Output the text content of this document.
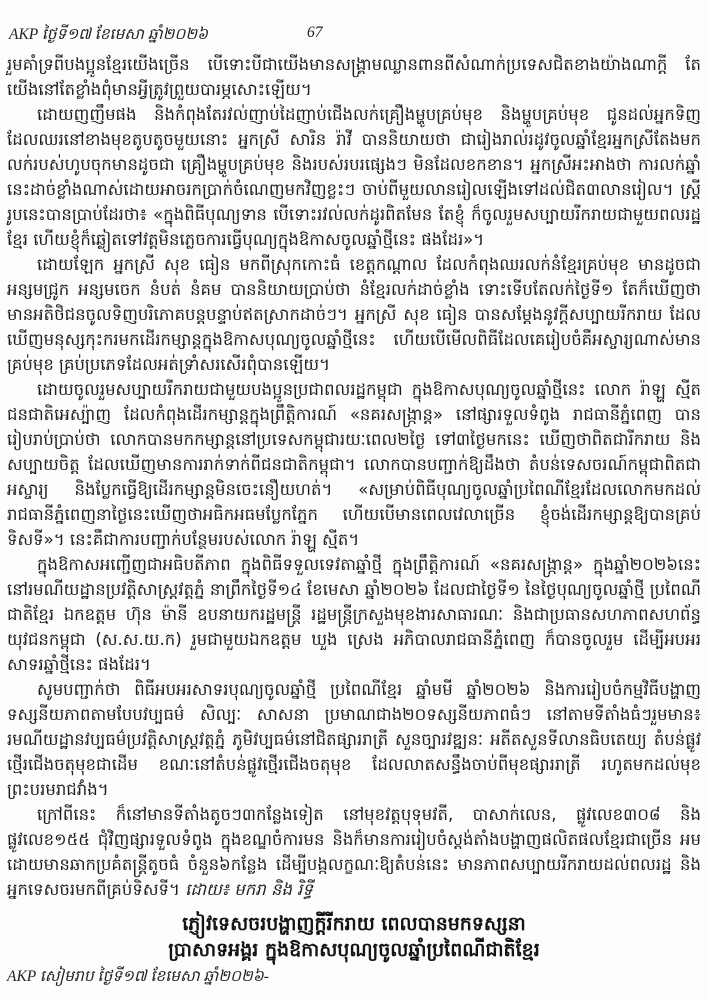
AKP ថ្ងៃទី១៧ ខែមេសា ឆ្នាំ២០២៦	67

រួមគាំទ្រពីបងប្អូនខ្មែរយើងច្រើន បើទោះបីជាយើងមានសង្គ្រាមឈ្លានពានពីសំណាក់ប្រទេសជិតខាងយ៉ាងណាក្ដី តែយើងនៅតែខ្លាំងពុំមានអ្វីត្រូវព្រួយបារម្ភសោះឡើយ។

ដោយញញឹមផង និងកំពុងតែរវល់ញាប់ដៃញាប់ជើងលក់គ្រឿងម្ហូបគ្រប់មុខ និងម្ហូបគ្រប់មុខ ជូនដល់អ្នកទិញដែលឈរនៅខាងមុខតូបតូចមួយនោះ អ្នកស្រី សារិន រ៉ាវី បាននិយាយថា ជារៀងរាល់រដូវចូលឆ្នាំខ្មែរអ្នកស្រីតែងមកលក់របស់ហូបចុកមានដូចជា គ្រឿងម្ហូបគ្រប់មុខ និងរបស់របរផ្សេងៗ មិនដែលខកខាន។ អ្នកស្រីអះអាងថា ការលក់ឆ្នាំនេះដាច់ខ្លាំងណាស់ដោយអាចរកប្រាក់ចំណេញមកវិញខ្លះៗ ចាប់ពីមួយលានរៀលឡើងទៅដល់ជិត៣លានរៀល។ ស្ត្រីរូបនេះបានប្រាប់ដែរថា៖ «ក្នុងពិធីបុណ្យទាន បើទោះរវល់លក់ដូរពិតមែន តែខ្ញុំ ក៏ចូលរួមសប្បាយរីករាយជាមួយពលរដ្ឋខ្មែរ ហើយខ្ញុំក៏ឆ្លៀតទៅវត្តមិនភ្លេចការធ្វើបុណ្យក្នុងឱកាសចូលឆ្នាំថ្មីនេះ ផងដែរ»។

ដោយឡែក អ្នកស្រី សុខ ធៀន មកពីស្រុកកោះធំ ខេត្តកណ្ដាល ដែលកំពុងឈរលក់នំខ្មែរគ្រប់មុខ មានដូចជាអន្សមជ្រូក អន្សមចេក នំបត់ នំគម បាននិយាយប្រាប់ថា នំខ្មែរលក់ដាច់ខ្លាំង ទោះទើបតែលក់ថ្ងៃទី១ តែក៏ឃើញថាមានអតិថិជនចូលទិញបរិភោគបន្តបន្ទាប់ឥតស្រាកដាច់ៗ។ អ្នកស្រី សុខ ធៀន បានសម្ដែងនូវក្ដីសប្បាយរីករាយ ដែលឃើញមនុស្សកុះករមកដើរកម្សាន្តក្នុងឱកាសបុណ្យចូលឆ្នាំថ្មីនេះ ហើយបើមើលពិធីដែលគេរៀបចំគឺអស្ចារ្យណាស់មានគ្រប់មុខ គ្រប់ប្រភេទដែលអត់ទ្រាំសរសើរពុំបានឡើយ។

ដោយចូលរួមសប្បាយរីករាយជាមួយបងប្អូនប្រជាពលរដ្ឋកម្ពុជា ក្នុងឱកាសបុណ្យចូលឆ្នាំថ្មីនេះ លោក រ៉ាឡ្ហ ស្មីត ជនជាតិអេស្ប៉ាញ ដែលកំពុងដើរកម្សាន្តក្នុងព្រឹត្តិការណ៍ «នគរសង្ក្រាន្ត» នៅផ្សារទួលទំពូង រាជធានីភ្នំពេញ បានរៀបរាប់ប្រាប់ថា លោកបានមកកម្សាន្តនៅប្រទេសកម្ពុជារយៈពេល២ថ្ងៃ ទៅ៣ថ្ងៃមកនេះ ឃើញថាពិតជារីករាយ និងសប្បាយចិត្ត ដែលឃើញមានការរាក់ទាក់ពីជនជាតិកម្ពុជា។ លោកបានបញ្ជាក់ឱ្យដឹងថា តំបន់ទេសចរណ៍កម្ពុជាពិតជាអស្ចារ្យ និងប្លែកធ្វើឱ្យដើរកម្សាន្តមិនចេះនឿយហត់។ «សម្រាប់ពិធីបុណ្យចូលឆ្នាំប្រពៃណីខ្មែរដែលលោកមកដល់រាជធានីភ្នំពេញនាថ្ងៃនេះឃើញថាអធិកអធមប្លែកភ្នែក ហើយបើមានពេលវេលាច្រើន ខ្ញុំចង់ដើរកម្សាន្តឱ្យបានគ្រប់ទិសទី»។ នេះគឺជាការបញ្ជាក់បន្ថែមរបស់លោក រ៉ាឡ្ហ ស្មីត។

ក្នុងឱកាសអញ្ជើញជាអធិបតីភាព ក្នុងពិធីទទួលទេវតាឆ្នាំថ្មី ក្នុងព្រឹត្តិការណ៍ «នគរសង្ក្រាន្ត» ក្នុងឆ្នាំ២០២៦នេះ នៅរមណីយដ្ឋានប្រវត្តិសាស្ត្រវត្តភ្នំ នាព្រឹកថ្ងៃទី១៤ ខែមេសា ឆ្នាំ២០២៦ ដែលជាថ្ងៃទី១ នៃថ្ងៃបុណ្យចូលឆ្នាំថ្មី ប្រពៃណីជាតិខ្មែរ ឯកឧត្តម ហ៊ុន ម៉ានី ឧបនាយករដ្ឋមន្ត្រី រដ្ឋមន្ត្រីក្រសួងមុខងារសាធារណៈ និងជាប្រធានសហភាពសហព័ន្ធយុវជនកម្ពុជា (ស.ស.យ.ក) រួមជាមួយឯកឧត្តម ឃួង ស្រេង អភិបាលរាជធានីភ្នំពេញ ក៏បានចូលរួម ដើម្បីអបអរសាទរឆ្នាំថ្មីនេះ ផងដែរ។

សូមបញ្ជាក់ថា ពិធីអបអរសាទរបុណ្យចូលឆ្នាំថ្មី ប្រពៃណីខ្មែរ ឆ្នាំមមី ឆ្នាំ២០២៦ និងការរៀបចំកម្មវិធីបង្ហាញទស្សនីយភាពតាមបែបវប្បធម៌ សិល្បៈ សាសនា ប្រមាណជាង២០ទស្សនីយភាពធំៗ នៅតាមទីតាំងធំៗរួមមាន៖ រមណីយដ្ឋានវប្បធម៌ប្រវត្តិសាស្ត្រវត្តភ្នំ ភូមិវប្បធម៌នៅជិតផ្សាររាត្រី សួនច្បារវឌ្ឍនៈ អតីតសួនទីលានធិបតេយ្យ តំបន់ផ្លូវថ្មើរជើងចតុមុខជាដើម ខណៈនៅតំបន់ផ្លូវថ្មើរជើងចតុមុខ ដែលលាតសន្ធឹងចាប់ពីមុខផ្សាររាត្រី រហូតមកដល់មុខព្រះបរមរាជវាំង។

ក្រៅពីនេះ ក៏នៅមានទីតាំងតូចៗ៣កន្លែងទៀត នៅមុខវត្តបុទុមវតី, បាសាក់លេន, ផ្លូវលេខ៣០៨ និងផ្លូវលេខ១៥៥ ជុំវិញផ្សារទួលទំពូង ក្នុងខណ្ឌចំការមន និងក៏មានការរៀបចំស្ដង់តាំងបង្ហាញផលិតផលខ្មែរជាច្រើន អមដោយមានឆាកប្រគំតន្ត្រីតូចធំ ចំនួន៦កន្លែង ដើម្បីបង្កលក្ខណៈឱ្យតំបន់នេះ មានភាពសប្បាយរីករាយដល់ពលរដ្ឋ និងអ្នកទេសចរមកពីគ្រប់ទិសទី។ ដោយ៖ មករា និង រិទ្ធី

ភ្ញៀវទេសចរបង្ហាញក្ដីរីករាយ ពេលបានមកទស្សនា
ប្រាសាទអង្គរ ក្នុងឱកាសបុណ្យចូលឆ្នាំប្រពៃណីជាតិខ្មែរ
AKP សៀមរាប ថ្ងៃទី១៧ ខែមេសា ឆ្នាំ២០២៦-
